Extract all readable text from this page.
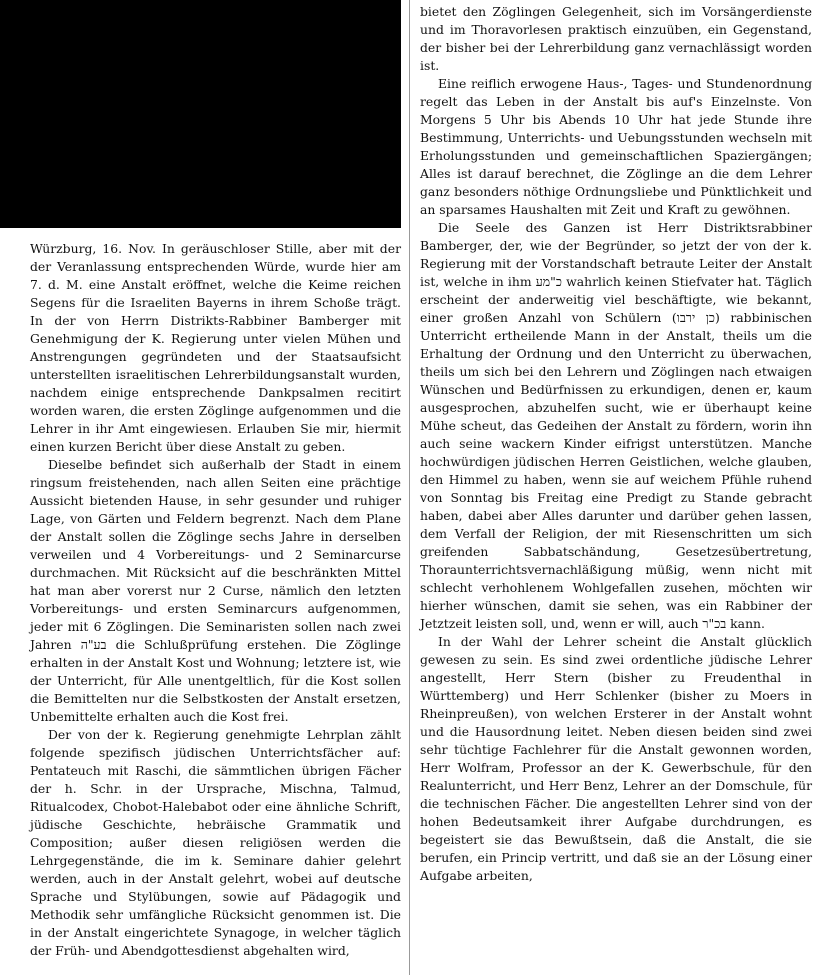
Würzburg, 16. Nov. In geräuschloser Stille, aber mit der der Veranlassung entsprechenden Würde, wurde hier am 7. d. M. eine Anstalt eröffnet, welche die Keime reichen Segens für die Israeliten Bayerns in ihrem Schoße trägt. In der von Herrn Distrikts-Rabbiner Bamberger mit Genehmigung der K. Regierung unter vielen Mühen und Anstrengungen gegründeten und der Staatsaufsicht unterstellten israelitischen Lehrerbildungsanstalt wurden, nachdem einige entsprechende Dankpsalmen recitirt worden waren, die ersten Zöglinge aufgenommen und die Lehrer in ihr Amt eingewiesen. Erlauben Sie mir, hiermit einen kurzen Bericht über diese Anstalt zu geben.

Dieselbe befindet sich außerhalb der Stadt in einem ringsum freistehenden, nach allen Seiten eine prächtige Aussicht bietenden Hause, in sehr gesunder und ruhiger Lage, von Gärten und Feldern begrenzt. Nach dem Plane der Anstalt sollen die Zöglinge sechs Jahre in derselben verweilen und 4 Vorbereitungs- und 2 Seminarcurse durchmachen. Mit Rücksicht auf die beschränkten Mittel hat man aber vorerst nur 2 Curse, nämlich den letzten Vorbereitungs- und ersten Seminarcurs aufgenommen, jeder mit 6 Zöglingen. Die Seminaristen sollen nach zwei Jahren בע"ה die Schlußprüfung erstehen. Die Zöglinge erhalten in der Anstalt Kost und Wohnung; letztere ist, wie der Unterricht, für Alle unentgeltlich, für die Kost sollen die Bemittelten nur die Selbstkosten der Anstalt ersetzen, Unbemittelte erhalten auch die Kost frei.

Der von der k. Regierung genehmigte Lehrplan zählt folgende spezifisch jüdischen Unterrichtsfächer auf: Pentateuch mit Raschi, die sämmtlichen übrigen Fächer der h. Schr. in der Ursprache, Mischna, Talmud, Ritualcodex, Chobot-Halebabot oder eine ähnliche Schrift, jüdische Geschichte, hebräische Grammatik und Composition; außer diesen religiösen werden die Lehrgegenstände, die im k. Seminare dahier gelehrt werden, auch in der Anstalt gelehrt, wobei auf deutsche Sprache und Stylübungen, sowie auf Pädagogik und Methodik sehr umfängliche Rücksicht genommen ist. Die in der Anstalt eingerichtete Synagoge, in welcher täglich der Früh- und Abendgottesdienst abgehalten wird,

bietet den Zöglingen Gelegenheit, sich im Vorsängerdienste und im Thoravorlesen praktisch einzuüben, ein Gegenstand, der bisher bei der Lehrerbildung ganz vernachlässigt worden ist.

Eine reiflich erwogene Haus-, Tages- und Stundenordnung regelt das Leben in der Anstalt bis auf's Einzelnste. Von Morgens 5 Uhr bis Abends 10 Uhr hat jede Stunde ihre Bestimmung, Unterrichts- und Uebungsstunden wechseln mit Erholungsstunden und gemeinschaftlichen Spaziergängen; Alles ist darauf berechnet, die Zöglinge an die dem Lehrer ganz besonders nöthige Ordnungsliebe und Pünktlichkeit und an sparsames Haushalten mit Zeit und Kraft zu gewöhnen.

Die Seele des Ganzen ist Herr Distriktsrabbiner Bamberger, der, wie der Begründer, so jetzt der von der k. Regierung mit der Vorstandschaft betraute Leiter der Anstalt ist, welche in ihm כ"מע wahrlich keinen Stiefvater hat. Täglich erscheint der anderweitig viel beschäftigte, wie bekannt, einer großen Anzahl von Schülern (כן ירבו) rabbinischen Unterricht ertheilende Mann in der Anstalt, theils um die Erhaltung der Ordnung und den Unterricht zu überwachen, theils um sich bei den Lehrern und Zöglingen nach etwaigen Wünschen und Bedürfnissen zu erkundigen, denen er, kaum ausgesprochen, abzuhelfen sucht, wie er überhaupt keine Mühe scheut, das Gedeihen der Anstalt zu fördern, worin ihn auch seine wackern Kinder eifrigst unterstützen. Manche hochwürdigen jüdischen Herren Geistlichen, welche glauben, den Himmel zu haben, wenn sie auf weichem Pfühle ruhend von Sonntag bis Freitag eine Predigt zu Stande gebracht haben, dabei aber Alles darunter und darüber gehen lassen, dem Verfall der Religion, der mit Riesenschritten um sich greifenden Sabbatschändung, Gesetzesübertretung, Thoraunterrichtsvernachläßigung müßig, wenn nicht mit schlecht verhohlenem Wohlgefallen zusehen, möchten wir hierher wünschen, damit sie sehen, was ein Rabbiner der Jetztzeit leisten soll, und, wenn er will, auch בכ"ר kann.

In der Wahl der Lehrer scheint die Anstalt glücklich gewesen zu sein. Es sind zwei ordentliche jüdische Lehrer angestellt, Herr Stern (bisher zu Freudenthal in Württemberg) und Herr Schlenker (bisher zu Moers in Rheinpreußen), von welchen Ersterer in der Anstalt wohnt und die Hausordnung leitet. Neben diesen beiden sind zwei sehr tüchtige Fachlehrer für die Anstalt gewonnen worden, Herr Wolfram, Professor an der K. Gewerbschule, für den Realunterricht, und Herr Benz, Lehrer an der Domschule, für die technischen Fächer. Die angestellten Lehrer sind von der hohen Bedeutsamkeit ihrer Aufgabe durchdrungen, es begeistert sie das Bewußtsein, daß die Anstalt, die sie berufen, ein Princip vertritt, und daß sie an der Lösung einer Aufgabe arbeiten,
